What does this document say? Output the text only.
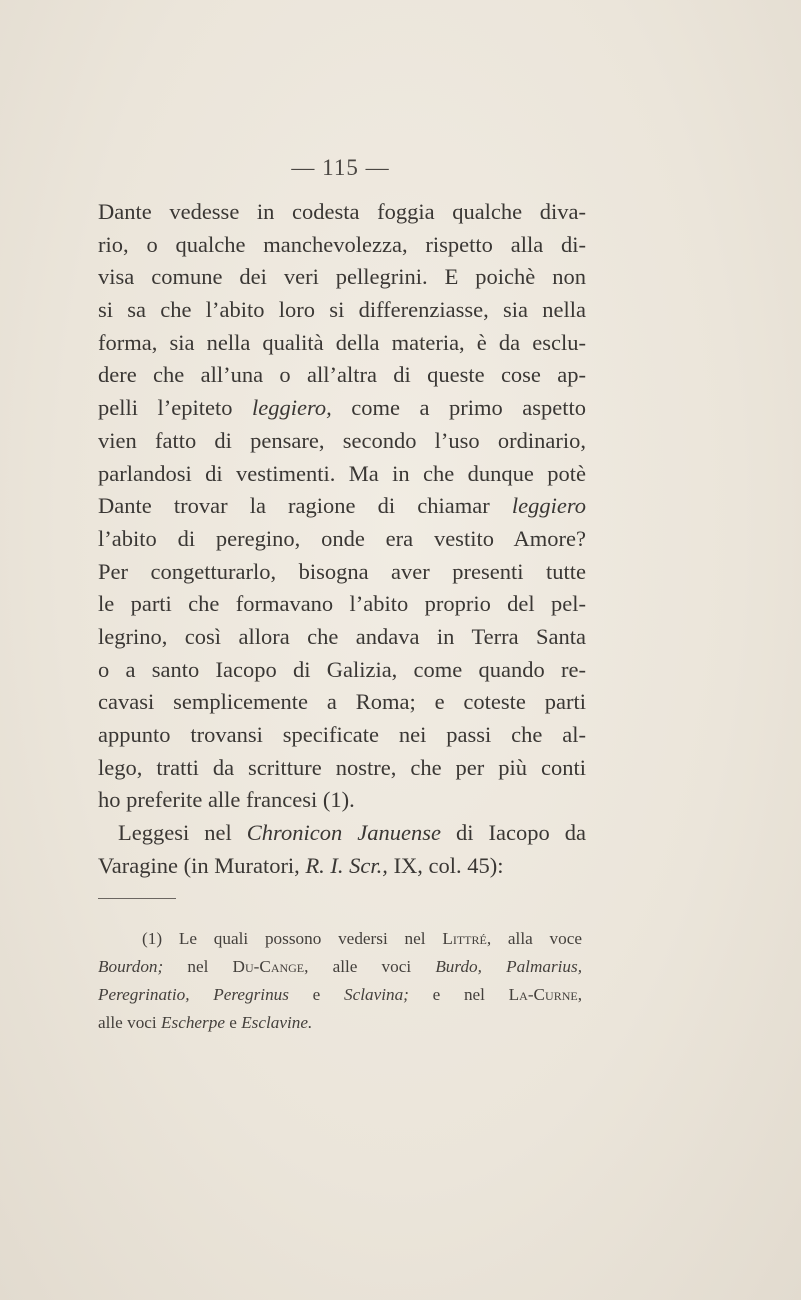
— 115 —
Dante vedesse in codesta foggia qualche diva-
rio, o qualche manchevolezza, rispetto alla di-
visa comune dei veri pellegrini. E poichè non
si sa che l’abito loro si differenziasse, sia nella
forma, sia nella qualità della materia, è da esclu-
dere che all’una o all’altra di queste cose ap-
pelli l’epiteto leggiero, come a primo aspetto
vien fatto di pensare, secondo l’uso ordinario,
parlandosi di vestimenti. Ma in che dunque potè
Dante trovar la ragione di chiamar leggiero
l’abito di peregino, onde era vestito Amore?
Per congetturarlo, bisogna aver presenti tutte
le parti che formavano l’abito proprio del pel-
legrino, così allora che andava in Terra Santa
o a santo Iacopo di Galizia, come quando re-
cavasi semplicemente a Roma; e coteste parti
appunto trovansi specificate nei passi che al-
lego, tratti da scritture nostre, che per più conti
ho preferite alle francesi (1).
Leggesi nel Chronicon Januense di Iacopo da
Varagine (in Muratori, R. I. Scr., IX, col. 45):
(1) Le quali possono vedersi nel Littré, alla voce
Bourdon; nel Du-Cange, alle voci Burdo, Palmarius,
Peregrinatio, Peregrinus e Sclavina; e nel La-Curne,
alle voci Escherpe e Esclavine.
